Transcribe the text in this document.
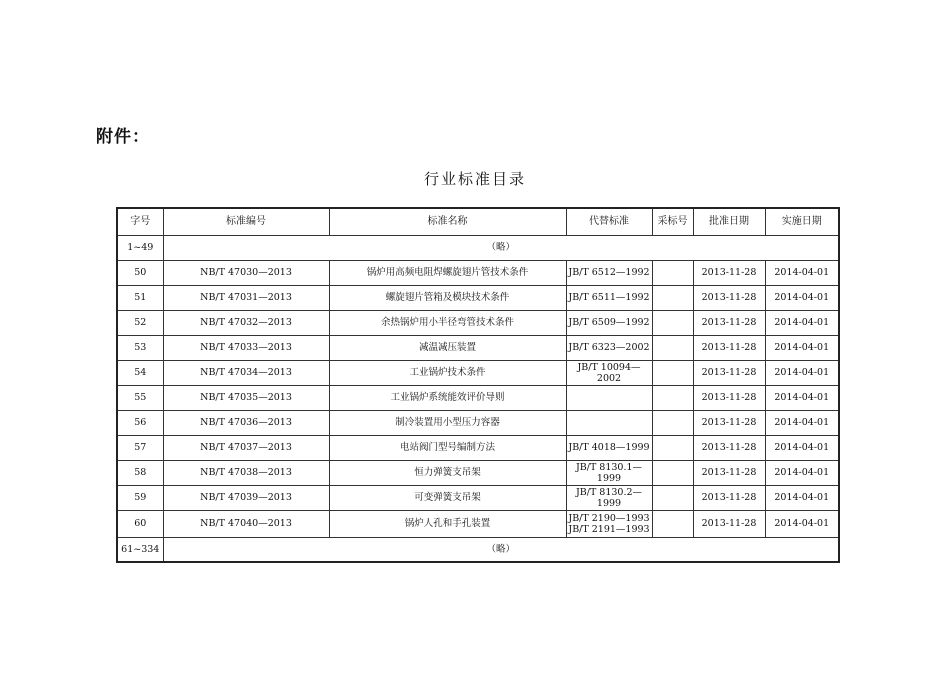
附件：
行业标准目录
字号	标准编号	标准名称	代替标准	采标号	批准日期	实施日期
1~49	（略）					
50	NB/T 47030—2013	锅炉用高频电阻焊螺旋翅片管技术条件	JB/T 6512—1992		2013-11-28	2014-04-01
51	NB/T 47031—2013	螺旋翅片管箱及模块技术条件	JB/T 6511—1992		2013-11-28	2014-04-01
52	NB/T 47032—2013	余热锅炉用小半径弯管技术条件	JB/T 6509—1992		2013-11-28	2014-04-01
53	NB/T 47033—2013	减温减压装置	JB/T 6323—2002		2013-11-28	2014-04-01
54	NB/T 47034—2013	工业锅炉技术条件	JB/T 10094—2002		2013-11-28	2014-04-01
55	NB/T 47035—2013	工业锅炉系统能效评价导则			2013-11-28	2014-04-01
56	NB/T 47036—2013	制冷装置用小型压力容器			2013-11-28	2014-04-01
57	NB/T 47037—2013	电站阀门型号编制方法	JB/T 4018—1999		2013-11-28	2014-04-01
58	NB/T 47038—2013	恒力弹簧支吊架	JB/T 8130.1—1999		2013-11-28	2014-04-01
59	NB/T 47039—2013	可变弹簧支吊架	JB/T 8130.2—1999		2013-11-28	2014-04-01
60	NB/T 47040—2013	锅炉人孔和手孔装置	JB/T 2190—1993
JB/T 2191—1993		2013-11-28	2014-04-01
61~334	（略）					
